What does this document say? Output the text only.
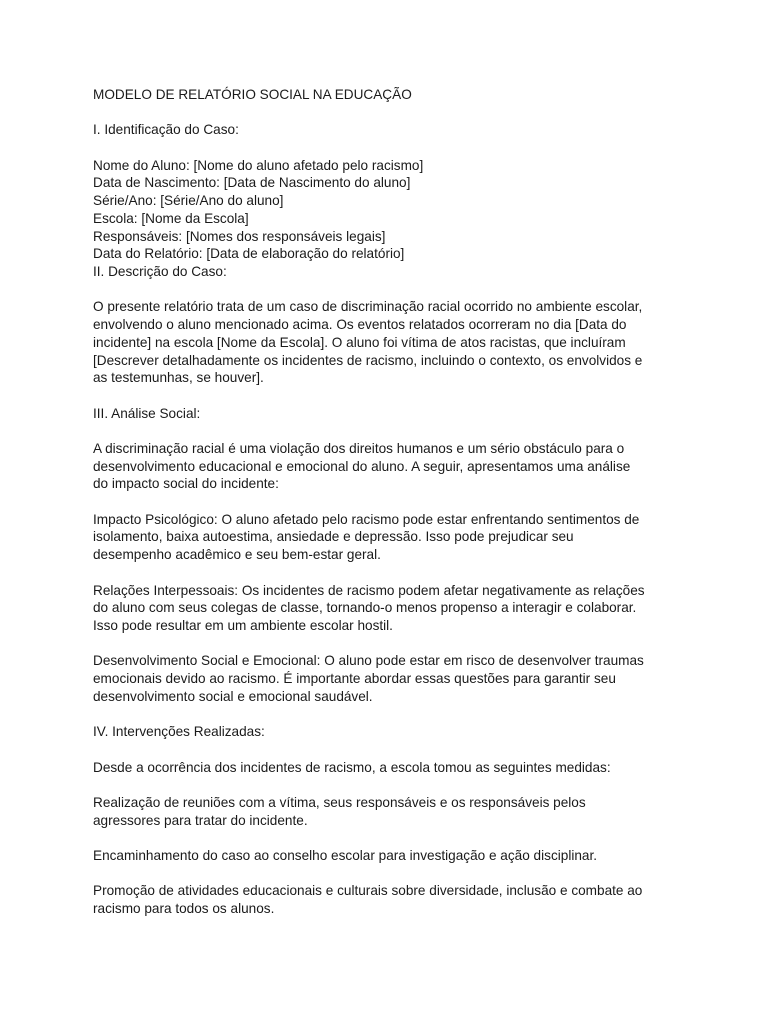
MODELO DE RELATÓRIO SOCIAL NA EDUCAÇÃO
I. Identificação do Caso:
Nome do Aluno: [Nome do aluno afetado pelo racismo]
Data de Nascimento: [Data de Nascimento do aluno]
Série/Ano: [Série/Ano do aluno]
Escola: [Nome da Escola]
Responsáveis: [Nomes dos responsáveis legais]
Data do Relatório: [Data de elaboração do relatório]
II. Descrição do Caso:
O presente relatório trata de um caso de discriminação racial ocorrido no ambiente escolar,
envolvendo o aluno mencionado acima. Os eventos relatados ocorreram no dia [Data do
incidente] na escola [Nome da Escola]. O aluno foi vítima de atos racistas, que incluíram
[Descrever detalhadamente os incidentes de racismo, incluindo o contexto, os envolvidos e
as testemunhas, se houver].
III. Análise Social:
A discriminação racial é uma violação dos direitos humanos e um sério obstáculo para o
desenvolvimento educacional e emocional do aluno. A seguir, apresentamos uma análise
do impacto social do incidente:
Impacto Psicológico: O aluno afetado pelo racismo pode estar enfrentando sentimentos de
isolamento, baixa autoestima, ansiedade e depressão. Isso pode prejudicar seu
desempenho acadêmico e seu bem-estar geral.
Relações Interpessoais: Os incidentes de racismo podem afetar negativamente as relações
do aluno com seus colegas de classe, tornando-o menos propenso a interagir e colaborar.
Isso pode resultar em um ambiente escolar hostil.
Desenvolvimento Social e Emocional: O aluno pode estar em risco de desenvolver traumas
emocionais devido ao racismo. É importante abordar essas questões para garantir seu
desenvolvimento social e emocional saudável.
IV. Intervenções Realizadas:
Desde a ocorrência dos incidentes de racismo, a escola tomou as seguintes medidas:
Realização de reuniões com a vítima, seus responsáveis e os responsáveis pelos
agressores para tratar do incidente.
Encaminhamento do caso ao conselho escolar para investigação e ação disciplinar.
Promoção de atividades educacionais e culturais sobre diversidade, inclusão e combate ao
racismo para todos os alunos.
